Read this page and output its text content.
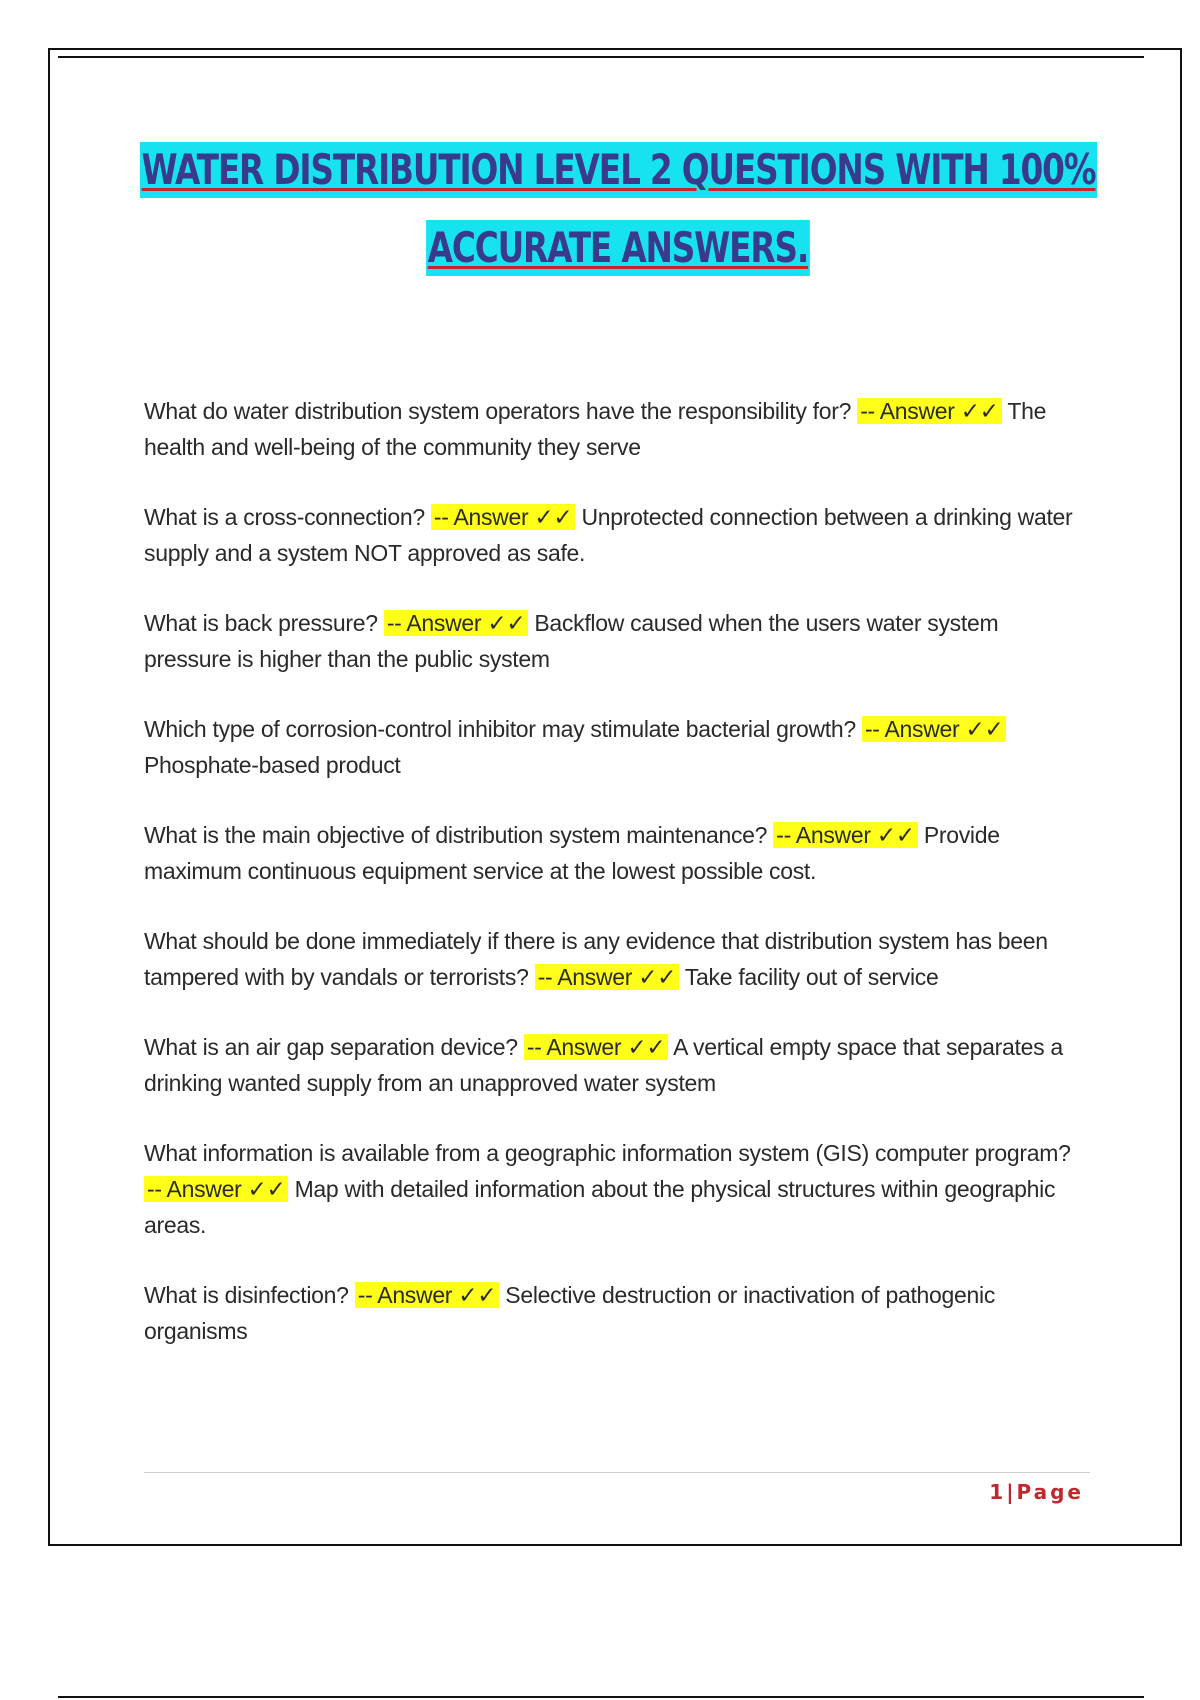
WATER DISTRIBUTION LEVEL 2 QUESTIONS WITH 100%
ACCURATE ANSWERS.

What do water distribution system operators have the responsibility for? -- Answer ✓✓ The health and well-being of the community they serve

What is a cross-connection? -- Answer ✓✓ Unprotected connection between a drinking water supply and a system NOT approved as safe.

What is back pressure? -- Answer ✓✓ Backflow caused when the users water system pressure is higher than the public system

Which type of corrosion-control inhibitor may stimulate bacterial growth? -- Answer ✓✓ Phosphate-based product

What is the main objective of distribution system maintenance? -- Answer ✓✓ Provide maximum continuous equipment service at the lowest possible cost.

What should be done immediately if there is any evidence that distribution system has been tampered with by vandals or terrorists? -- Answer ✓✓ Take facility out of service

What is an air gap separation device? -- Answer ✓✓ A vertical empty space that separates a drinking wanted supply from an unapproved water system

What information is available from a geographic information system (GIS) computer program? -- Answer ✓✓ Map with detailed information about the physical structures within geographic areas.

What is disinfection? -- Answer ✓✓ Selective destruction or inactivation of pathogenic organisms

1|Page
